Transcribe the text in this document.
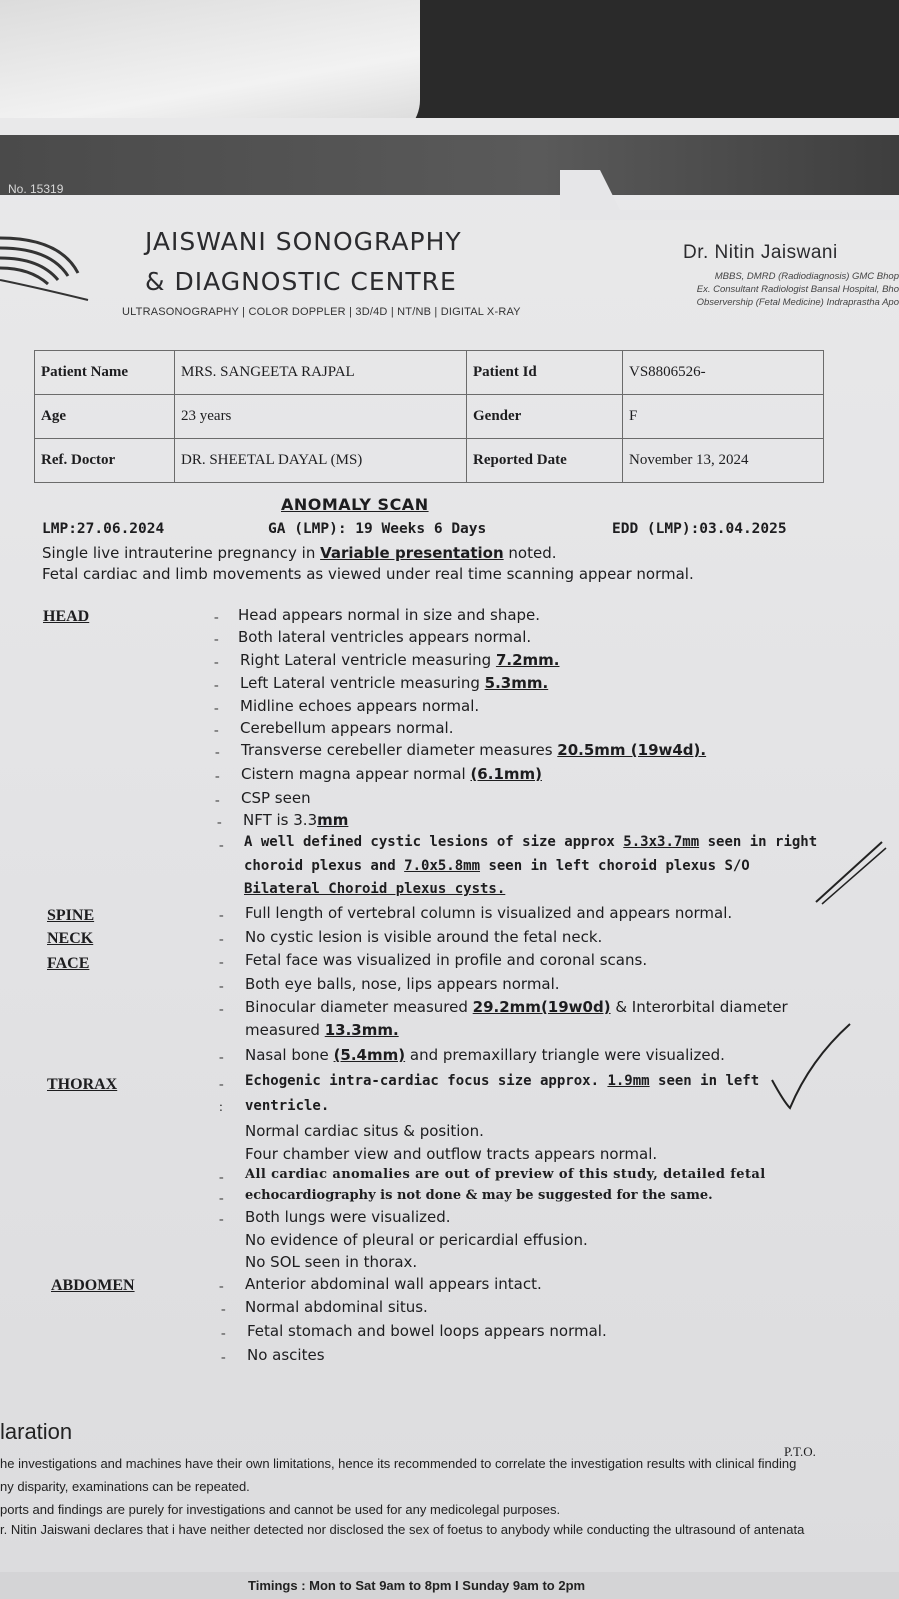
No. 15319
JAISWANI SONOGRAPHY
& DIAGNOSTIC CENTRE
ULTRASONOGRAPHY | COLOR DOPPLER | 3D/4D | NT/NB | DIGITAL X-RAY
Dr. Nitin Jaiswani
MBBS, DMRD (Radiodiagnosis) GMC Bhop
Ex. Consultant Radiologist Bansal Hospital, Bho
Observership (Fetal Medicine) Indraprastha Apo
Patient Name	MRS. SANGEETA RAJPAL	Patient Id	VS8806526-
Age	23 years	Gender	F
Ref. Doctor	DR. SHEETAL DAYAL (MS)	Reported Date	November 13, 2024
ANOMALY SCAN
LMP:27.06.2024	GA (LMP): 19 Weeks 6 Days	EDD (LMP):03.04.2025
Single live intrauterine pregnancy in Variable presentation noted.
Fetal cardiac and limb movements as viewed under real time scanning appear normal.
HEAD	Head appears normal in size and shape.
Both lateral ventricles appears normal.
Right Lateral ventricle measuring 7.2mm.
Left Lateral ventricle measuring 5.3mm.
Midline echoes appears normal.
Cerebellum appears normal.
Transverse cerebeller diameter measures 20.5mm (19w4d).
Cistern magna appear normal (6.1mm)
CSP seen
NFT is 3.3mm
A well defined cystic lesions of size approx 5.3x3.7mm seen in right
choroid plexus and 7.0x5.8mm seen in left choroid plexus S/O
Bilateral Choroid plexus cysts.
SPINE	Full length of vertebral column is visualized and appears normal.
NECK	No cystic lesion is visible around the fetal neck.
FACE	Fetal face was visualized in profile and coronal scans.
Both eye balls, nose, lips appears normal.
Binocular diameter measured 29.2mm(19w0d) & Interorbital diameter
measured 13.3mm.
Nasal bone (5.4mm) and premaxillary triangle were visualized.
THORAX	Echogenic intra-cardiac focus size approx. 1.9mm seen in left
ventricle.
Normal cardiac situs & position.
Four chamber view and outflow tracts appears normal.
All cardiac anomalies are out of preview of this study, detailed fetal
echocardiography is not done & may be suggested for the same.
Both lungs were visualized.
No evidence of pleural or pericardial effusion.
No SOL seen in thorax.
ABDOMEN	Anterior abdominal wall appears intact.
Normal abdominal situs.
Fetal stomach and bowel loops appears normal.
No ascites
-
-
-
-
-
-
-
-
-
-
-
-
-
-
-
-
-
-
:
-
-
-
-
-
-
-
laration
P.T.O.
he investigations and machines have their own limitations, hence its recommended to correlate the investigation results with clinical finding
ny disparity, examinations can be repeated.
ports and findings are purely for investigations and cannot be used for any medicolegal purposes.
r. Nitin Jaiswani declares that i have neither detected nor disclosed the sex of foetus to anybody while conducting the ultrasound of antenata
Timings : Mon to Sat 9am to 8pm I Sunday 9am to 2pm
